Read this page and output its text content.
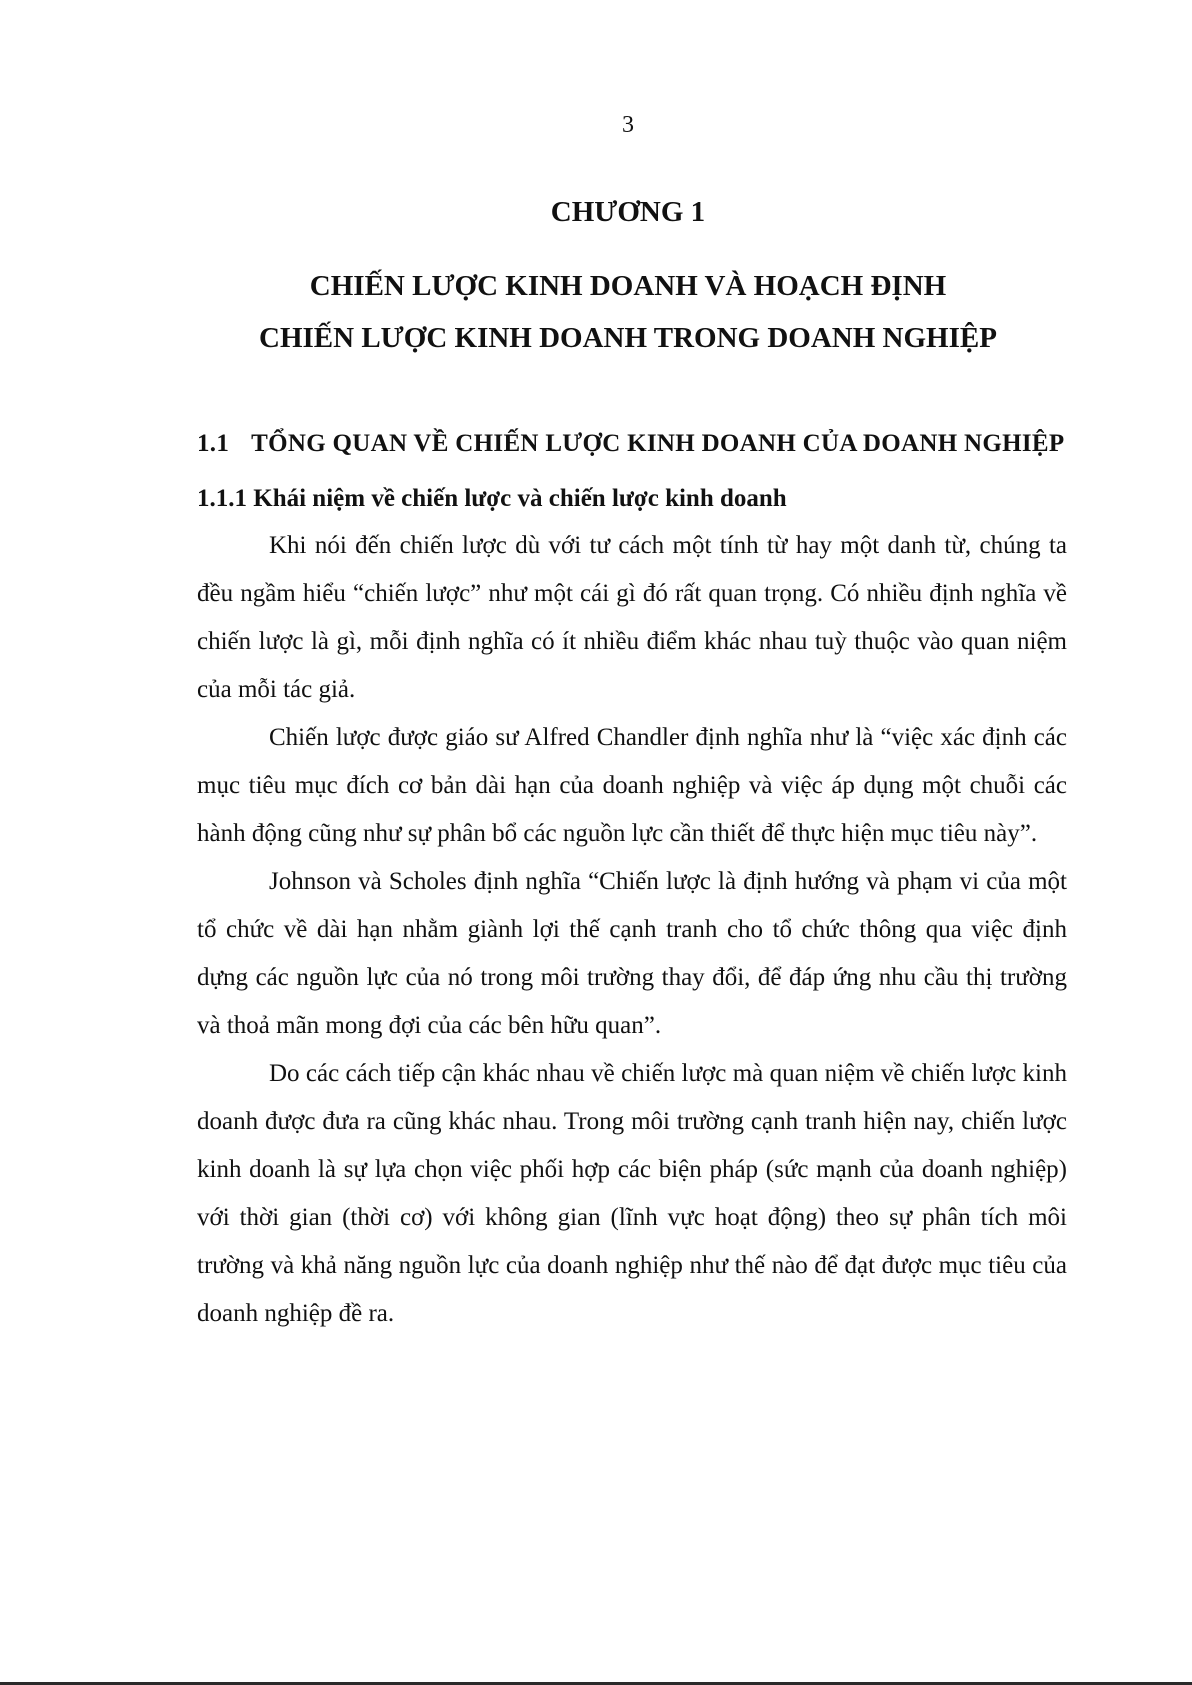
3
CHƯƠNG 1
CHIẾN LƯỢC KINH DOANH VÀ HOẠCH ĐỊNH
CHIẾN LƯỢC KINH DOANH TRONG DOANH NGHIỆP
1.1 TỔNG QUAN VỀ CHIẾN LƯỢC KINH DOANH CỦA DOANH NGHIỆP
1.1.1 Khái niệm về chiến lược và chiến lược kinh doanh

Khi nói đến chiến lược dù với tư cách một tính từ hay một danh từ, chúng ta đều ngầm hiểu “chiến lược” như một cái gì đó rất quan trọng. Có nhiều định nghĩa về chiến lược là gì, mỗi định nghĩa có ít nhiều điểm khác nhau tuỳ thuộc vào quan niệm của mỗi tác giả.

Chiến lược được giáo sư Alfred Chandler định nghĩa như là “việc xác định các mục tiêu mục đích cơ bản dài hạn của doanh nghiệp và việc áp dụng một chuỗi các hành động cũng như sự phân bổ các nguồn lực cần thiết để thực hiện mục tiêu này”.

Johnson và Scholes định nghĩa “Chiến lược là định hướng và phạm vi của một tổ chức về dài hạn nhằm giành lợi thế cạnh tranh cho tổ chức thông qua việc định dựng các nguồn lực của nó trong môi trường thay đổi, để đáp ứng nhu cầu thị trường và thoả mãn mong đợi của các bên hữu quan”.

Do các cách tiếp cận khác nhau về chiến lược mà quan niệm về chiến lược kinh doanh được đưa ra cũng khác nhau. Trong môi trường cạnh tranh hiện nay, chiến lược kinh doanh là sự lựa chọn việc phối hợp các biện pháp (sức mạnh của doanh nghiệp) với thời gian (thời cơ) với không gian (lĩnh vực hoạt động) theo sự phân tích môi trường và khả năng nguồn lực của doanh nghiệp như thế nào để đạt được mục tiêu của doanh nghiệp đề ra.
